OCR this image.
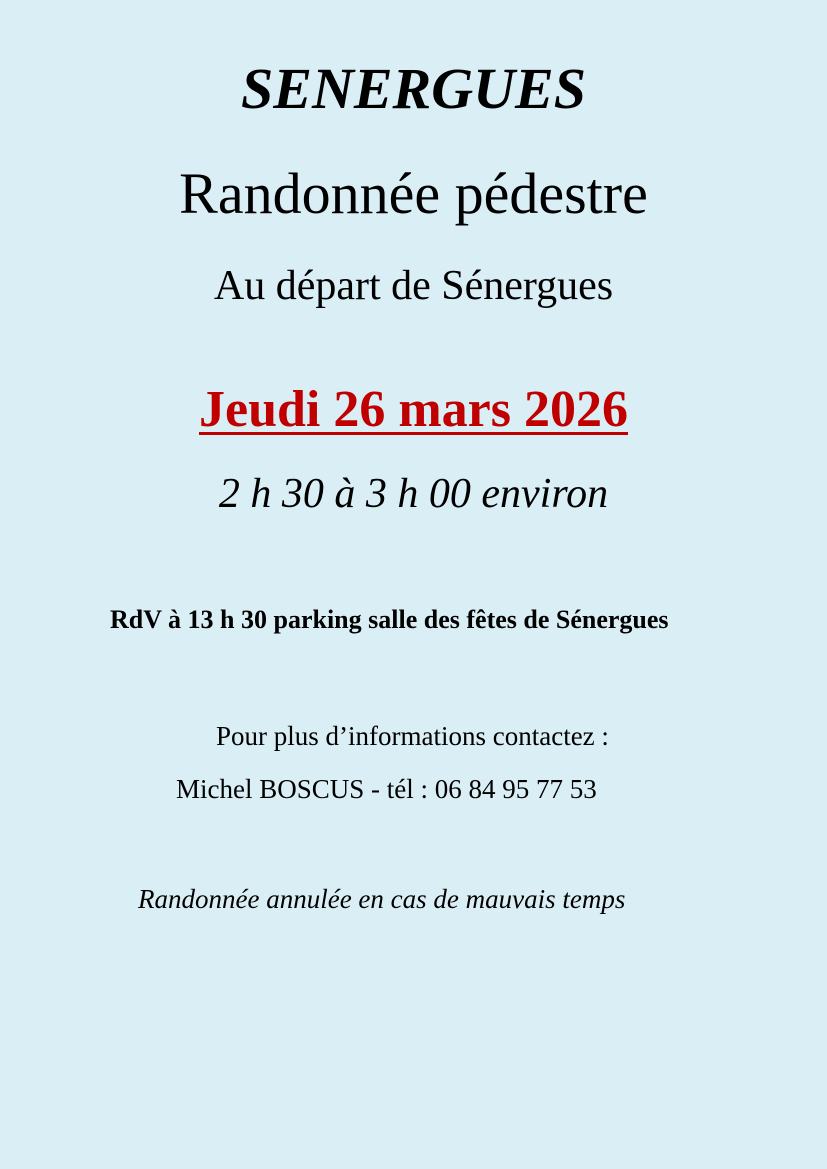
SENERGUES
Randonnée pédestre
Au départ de Sénergues
Jeudi 26 mars 2026
2 h 30 à 3 h 00 environ
RdV à 13 h 30 parking salle des fêtes de Sénergues
Pour plus d’informations contactez :
Michel BOSCUS - tél : 06 84 95 77 53
Randonnée annulée en cas de mauvais temps
